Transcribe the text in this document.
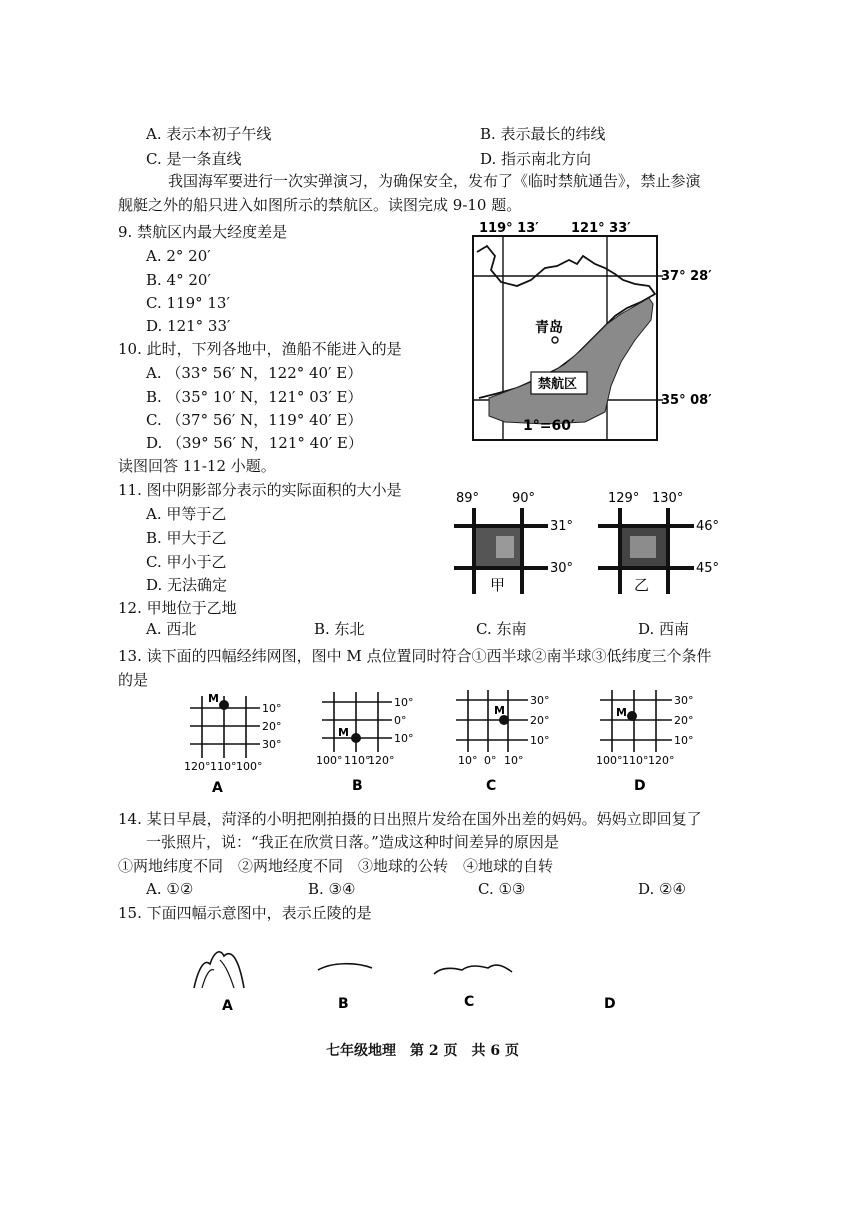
A. 表示本初子午线	B. 表示最长的纬线
C. 是一条直线	D. 指示南北方向
我国海军要进行一次实弹演习，为确保安全，发布了《临时禁航通告》，禁止参演
舰艇之外的船只进入如图所示的禁航区。读图完成 9-10 题。
9. 禁航区内最大经度差是
A. 2° 20′
B. 4° 20′
C. 119° 13′
D. 121° 33′
10. 此时，下列各地中，渔船不能进入的是
A. （33° 56′ N，122° 40′ E）
B. （35° 10′ N，121° 03′ E）
C. （37° 56′ N，119° 40′ E）
D. （39° 56′ N，121° 40′ E）
119° 13′ 121° 33′
37° 28′
35° 08′
禁航区
青岛
1°=60′
读图回答 11-12 小题。
11. 图中阴影部分表示的实际面积的大小是
A. 甲等于乙
B. 甲大于乙
C. 甲小于乙
D. 无法确定
89°	90°
31°
30°
甲
129° 130°
46°
45°
乙
12. 甲地位于乙地
A. 西北	B. 东北	C. 东南	D. 西南
13. 读下面的四幅经纬网图，图中 M 点位置同时符合①西半球②南半球③低纬度三个条件
的是
M
10°
20°
30°
120° 110° 100°
A
M
10°
0°
10°
100° 110°
120°
B
M
30°
20°
10°
10° 0° 10°
C
M
30°
20°
10°
100° 110° 120°
D
14. 某日早晨，菏泽的小明把刚拍摄的日出照片发给在国外出差的妈妈。妈妈立即回复了
一张照片，说：“我正在欣赏日落。”造成这种时间差异的原因是
①两地纬度不同　②两地经度不同　③地球的公转　④地球的自转
A. ①②	B. ③④	C. ①③	D. ②④
15. 下面四幅示意图中，表示丘陵的是
A	B	C	D
七年级地理　第 2 页　共 6 页
